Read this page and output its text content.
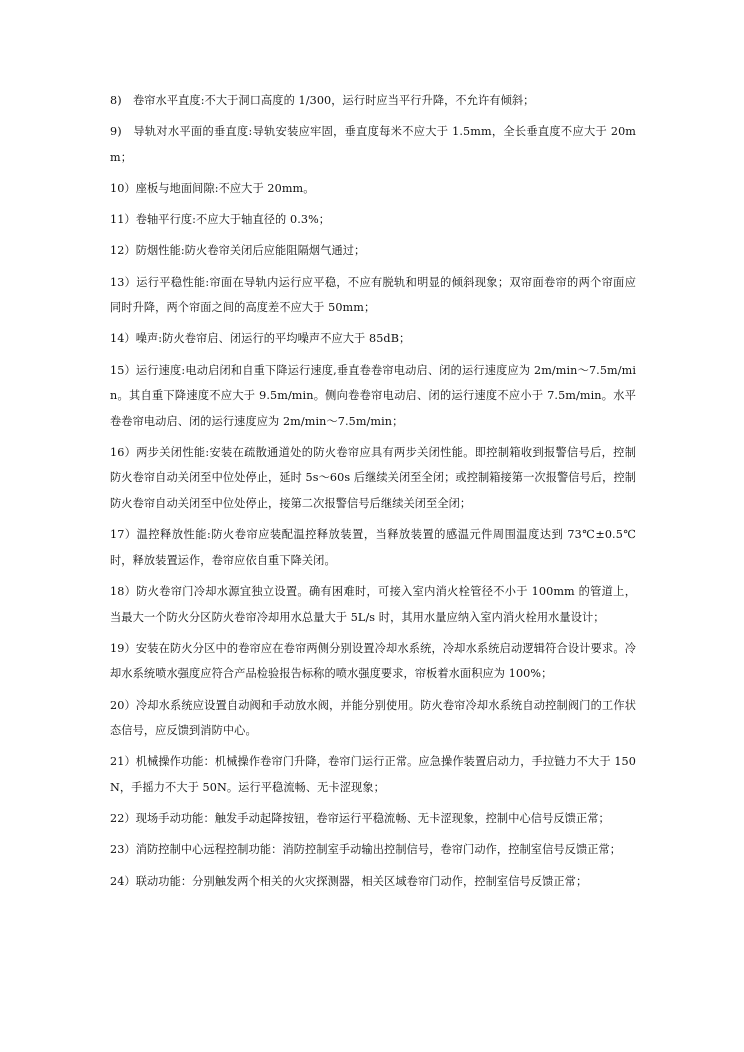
8)　卷帘水平直度:不大于洞口高度的 1/300，运行时应当平行升降，不允许有倾斜；

9)　导轨对水平面的垂直度:导轨安装应牢固，垂直度每米不应大于 1.5mm，全长垂直度不应大于 20mm；

10）座板与地面间隙:不应大于 20mm。

11）卷轴平行度:不应大于轴直径的 0.3%；

12）防烟性能:防火卷帘关闭后应能阻隔烟气通过；

13）运行平稳性能:帘面在导轨内运行应平稳，不应有脱轨和明显的倾斜现象；双帘面卷帘的两个帘面应同时升降，两个帘面之间的高度差不应大于 50mm；

14）噪声:防火卷帘启、闭运行的平均噪声不应大于 85dB；

15）运行速度:电动启闭和自重下降运行速度,垂直卷卷帘电动启、闭的运行速度应为 2m/min～7.5m/min。其自重下降速度不应大于 9.5m/min。侧向卷卷帘电动启、闭的运行速度不应小于 7.5m/min。水平卷卷帘电动启、闭的运行速度应为 2m/min～7.5m/min；

16）两步关闭性能:安装在疏散通道处的防火卷帘应具有两步关闭性能。即控制箱收到报警信号后，控制防火卷帘自动关闭至中位处停止，延时 5s～60s 后继续关闭至全闭；或控制箱接第一次报警信号后，控制防火卷帘自动关闭至中位处停止，接第二次报警信号后继续关闭至全闭；

17）温控释放性能:防火卷帘应装配温控释放装置，当释放装置的感温元件周围温度达到 73℃±0.5℃时，释放装置运作，卷帘应依自重下降关闭。

18）防火卷帘门冷却水源宜独立设置。确有困难时，可接入室内消火栓管径不小于 100mm 的管道上，当最大一个防火分区防火卷帘冷却用水总量大于 5L/s 时，其用水量应纳入室内消火栓用水量设计；

19）安装在防火分区中的卷帘应在卷帘两侧分别设置冷却水系统，冷却水系统启动逻辑符合设计要求。冷却水系统喷水强度应符合产品检验报告标称的喷水强度要求，帘板着水面积应为 100%；

20）冷却水系统应设置自动阀和手动放水阀，并能分别使用。防火卷帘冷却水系统自动控制阀门的工作状态信号，应反馈到消防中心。

21）机械操作功能：机械操作卷帘门升降，卷帘门运行正常。应急操作装置启动力，手拉链力不大于 150N，手摇力不大于 50N。运行平稳流畅、无卡涩现象；

22）现场手动功能：触发手动起降按钮，卷帘运行平稳流畅、无卡涩现象，控制中心信号反馈正常；

23）消防控制中心远程控制功能：消防控制室手动输出控制信号，卷帘门动作，控制室信号反馈正常；

24）联动功能：分别触发两个相关的火灾探测器，相关区域卷帘门动作，控制室信号反馈正常；
